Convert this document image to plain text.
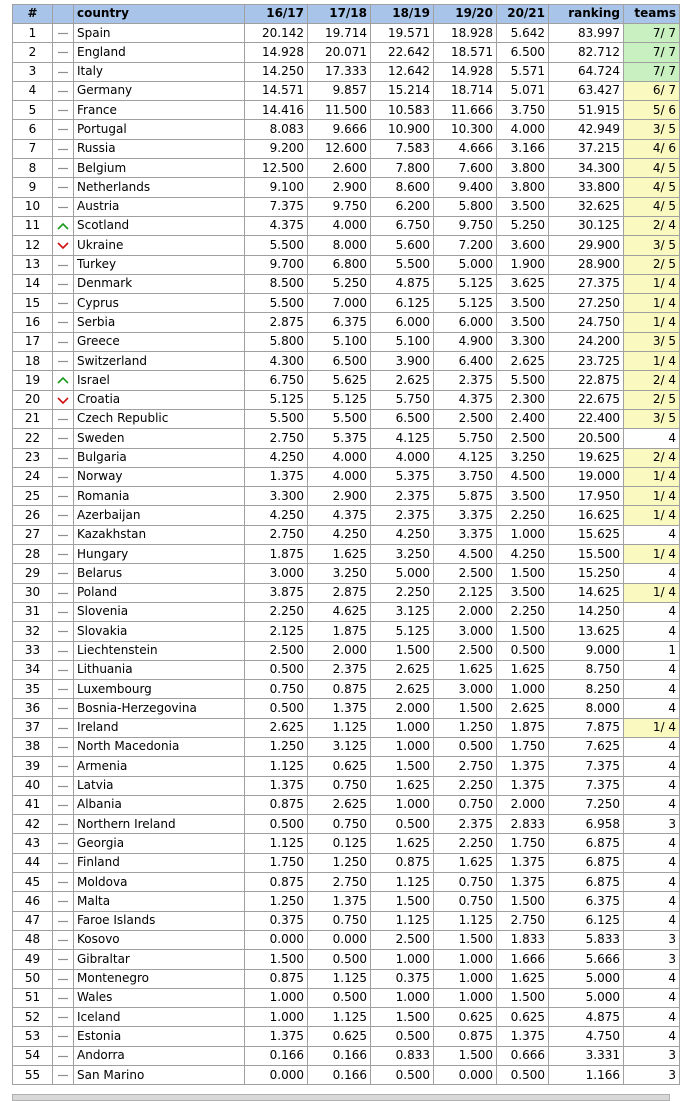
#		country	16/17	17/18	18/19	19/20	20/21	ranking	teams
1		Spain	20.142	19.714	19.571	18.928	5.642	83.997	7/ 7
2		England	14.928	20.071	22.642	18.571	6.500	82.712	7/ 7
3		Italy	14.250	17.333	12.642	14.928	5.571	64.724	7/ 7
4		Germany	14.571	9.857	15.214	18.714	5.071	63.427	6/ 7
5		France	14.416	11.500	10.583	11.666	3.750	51.915	5/ 6
6		Portugal	8.083	9.666	10.900	10.300	4.000	42.949	3/ 5
7		Russia	9.200	12.600	7.583	4.666	3.166	37.215	4/ 6
8		Belgium	12.500	2.600	7.800	7.600	3.800	34.300	4/ 5
9		Netherlands	9.100	2.900	8.600	9.400	3.800	33.800	4/ 5
10		Austria	7.375	9.750	6.200	5.800	3.500	32.625	4/ 5
11		Scotland	4.375	4.000	6.750	9.750	5.250	30.125	2/ 4
12		Ukraine	5.500	8.000	5.600	7.200	3.600	29.900	3/ 5
13		Turkey	9.700	6.800	5.500	5.000	1.900	28.900	2/ 5
14		Denmark	8.500	5.250	4.875	5.125	3.625	27.375	1/ 4
15		Cyprus	5.500	7.000	6.125	5.125	3.500	27.250	1/ 4
16		Serbia	2.875	6.375	6.000	6.000	3.500	24.750	1/ 4
17		Greece	5.800	5.100	5.100	4.900	3.300	24.200	3/ 5
18		Switzerland	4.300	6.500	3.900	6.400	2.625	23.725	1/ 4
19		Israel	6.750	5.625	2.625	2.375	5.500	22.875	2/ 4
20		Croatia	5.125	5.125	5.750	4.375	2.300	22.675	2/ 5
21		Czech Republic	5.500	5.500	6.500	2.500	2.400	22.400	3/ 5
22		Sweden	2.750	5.375	4.125	5.750	2.500	20.500	4
23		Bulgaria	4.250	4.000	4.000	4.125	3.250	19.625	2/ 4
24		Norway	1.375	4.000	5.375	3.750	4.500	19.000	1/ 4
25		Romania	3.300	2.900	2.375	5.875	3.500	17.950	1/ 4
26		Azerbaijan	4.250	4.375	2.375	3.375	2.250	16.625	1/ 4
27		Kazakhstan	2.750	4.250	4.250	3.375	1.000	15.625	4
28		Hungary	1.875	1.625	3.250	4.500	4.250	15.500	1/ 4
29		Belarus	3.000	3.250	5.000	2.500	1.500	15.250	4
30		Poland	3.875	2.875	2.250	2.125	3.500	14.625	1/ 4
31		Slovenia	2.250	4.625	3.125	2.000	2.250	14.250	4
32		Slovakia	2.125	1.875	5.125	3.000	1.500	13.625	4
33		Liechtenstein	2.500	2.000	1.500	2.500	0.500	9.000	1
34		Lithuania	0.500	2.375	2.625	1.625	1.625	8.750	4
35		Luxembourg	0.750	0.875	2.625	3.000	1.000	8.250	4
36		Bosnia-Herzegovina	0.500	1.375	2.000	1.500	2.625	8.000	4
37		Ireland	2.625	1.125	1.000	1.250	1.875	7.875	1/ 4
38		North Macedonia	1.250	3.125	1.000	0.500	1.750	7.625	4
39		Armenia	1.125	0.625	1.500	2.750	1.375	7.375	4
40		Latvia	1.375	0.750	1.625	2.250	1.375	7.375	4
41		Albania	0.875	2.625	1.000	0.750	2.000	7.250	4
42		Northern Ireland	0.500	0.750	0.500	2.375	2.833	6.958	3
43		Georgia	1.125	0.125	1.625	2.250	1.750	6.875	4
44		Finland	1.750	1.250	0.875	1.625	1.375	6.875	4
45		Moldova	0.875	2.750	1.125	0.750	1.375	6.875	4
46		Malta	1.250	1.375	1.500	0.750	1.500	6.375	4
47		Faroe Islands	0.375	0.750	1.125	1.125	2.750	6.125	4
48		Kosovo	0.000	0.000	2.500	1.500	1.833	5.833	3
49		Gibraltar	1.500	0.500	1.000	1.000	1.666	5.666	3
50		Montenegro	0.875	1.125	0.375	1.000	1.625	5.000	4
51		Wales	1.000	0.500	1.000	1.000	1.500	5.000	4
52		Iceland	1.000	1.125	1.500	0.625	0.625	4.875	4
53		Estonia	1.375	0.625	0.500	0.875	1.375	4.750	4
54		Andorra	0.166	0.166	0.833	1.500	0.666	3.331	3
55		San Marino	0.000	0.166	0.500	0.000	0.500	1.166	3
